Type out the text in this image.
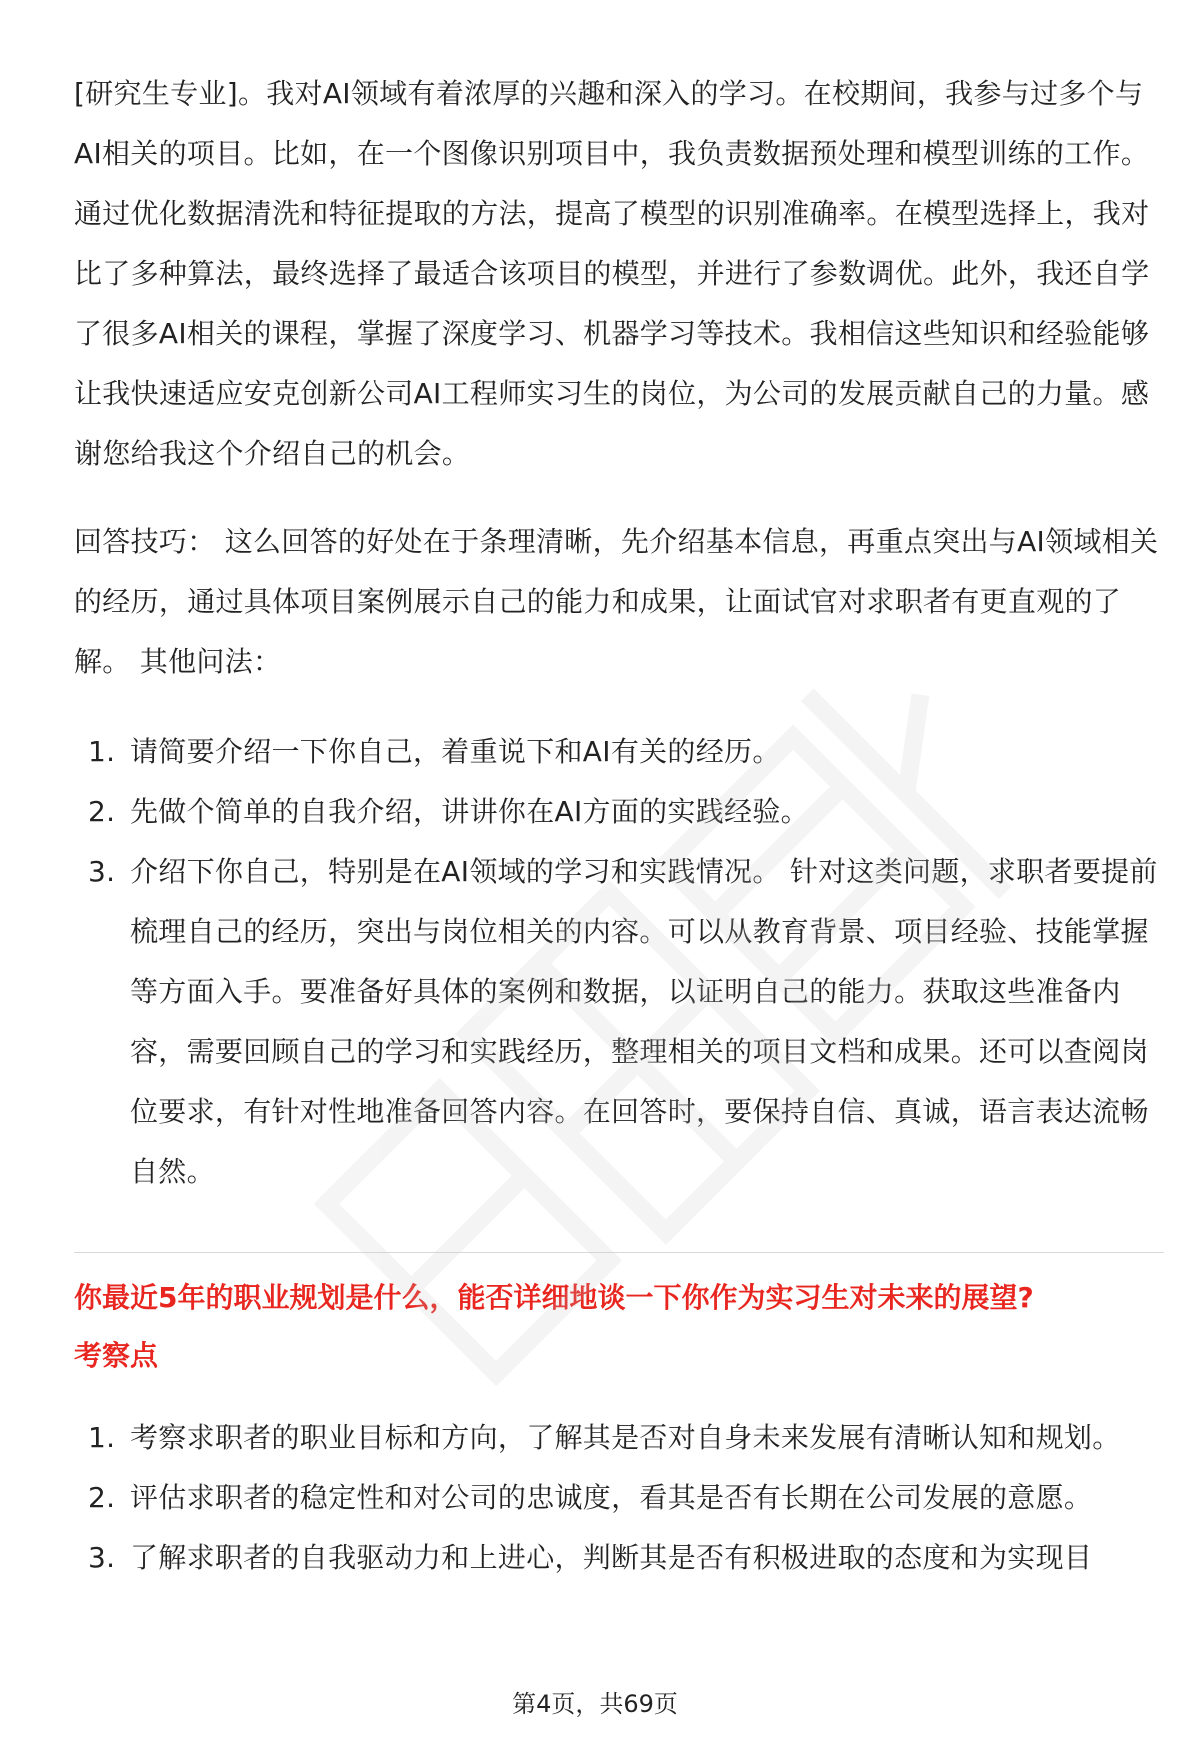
[研究生专业]。我对AI领域有着浓厚的兴趣和深入的学习。在校期间，我参与过多个与AI相关的项目。比如，在一个图像识别项目中，我负责数据预处理和模型训练的工作。通过优化数据清洗和特征提取的方法，提高了模型的识别准确率。在模型选择上，我对比了多种算法，最终选择了最适合该项目的模型，并进行了参数调优。此外，我还自学了很多AI相关的课程，掌握了深度学习、机器学习等技术。我相信这些知识和经验能够让我快速适应安克创新公司AI工程师实习生的岗位，为公司的发展贡献自己的力量。感谢您给我这个介绍自己的机会。

回答技巧： 这么回答的好处在于条理清晰，先介绍基本信息，再重点突出与AI领域相关的经历，通过具体项目案例展示自己的能力和成果，让面试官对求职者有更直观的了解。 其他问法：

1. 请简要介绍一下你自己，着重说下和AI有关的经历。
2. 先做个简单的自我介绍，讲讲你在AI方面的实践经验。
3. 介绍下你自己，特别是在AI领域的学习和实践情况。 针对这类问题，求职者要提前梳理自己的经历，突出与岗位相关的内容。可以从教育背景、项目经验、技能掌握等方面入手。要准备好具体的案例和数据，以证明自己的能力。获取这些准备内容，需要回顾自己的学习和实践经历，整理相关的项目文档和成果。还可以查阅岗位要求，有针对性地准备回答内容。在回答时，要保持自信、真诚，语言表达流畅自然。
你最近5年的职业规划是什么，能否详细地谈一下你作为实习生对未来的展望?
考察点
1. 考察求职者的职业目标和方向，了解其是否对自身未来发展有清晰认知和规划。
2. 评估求职者的稳定性和对公司的忠诚度，看其是否有长期在公司发展的意愿。
3. 了解求职者的自我驱动力和上进心，判断其是否有积极进取的态度和为实现目
第4页，共69页
